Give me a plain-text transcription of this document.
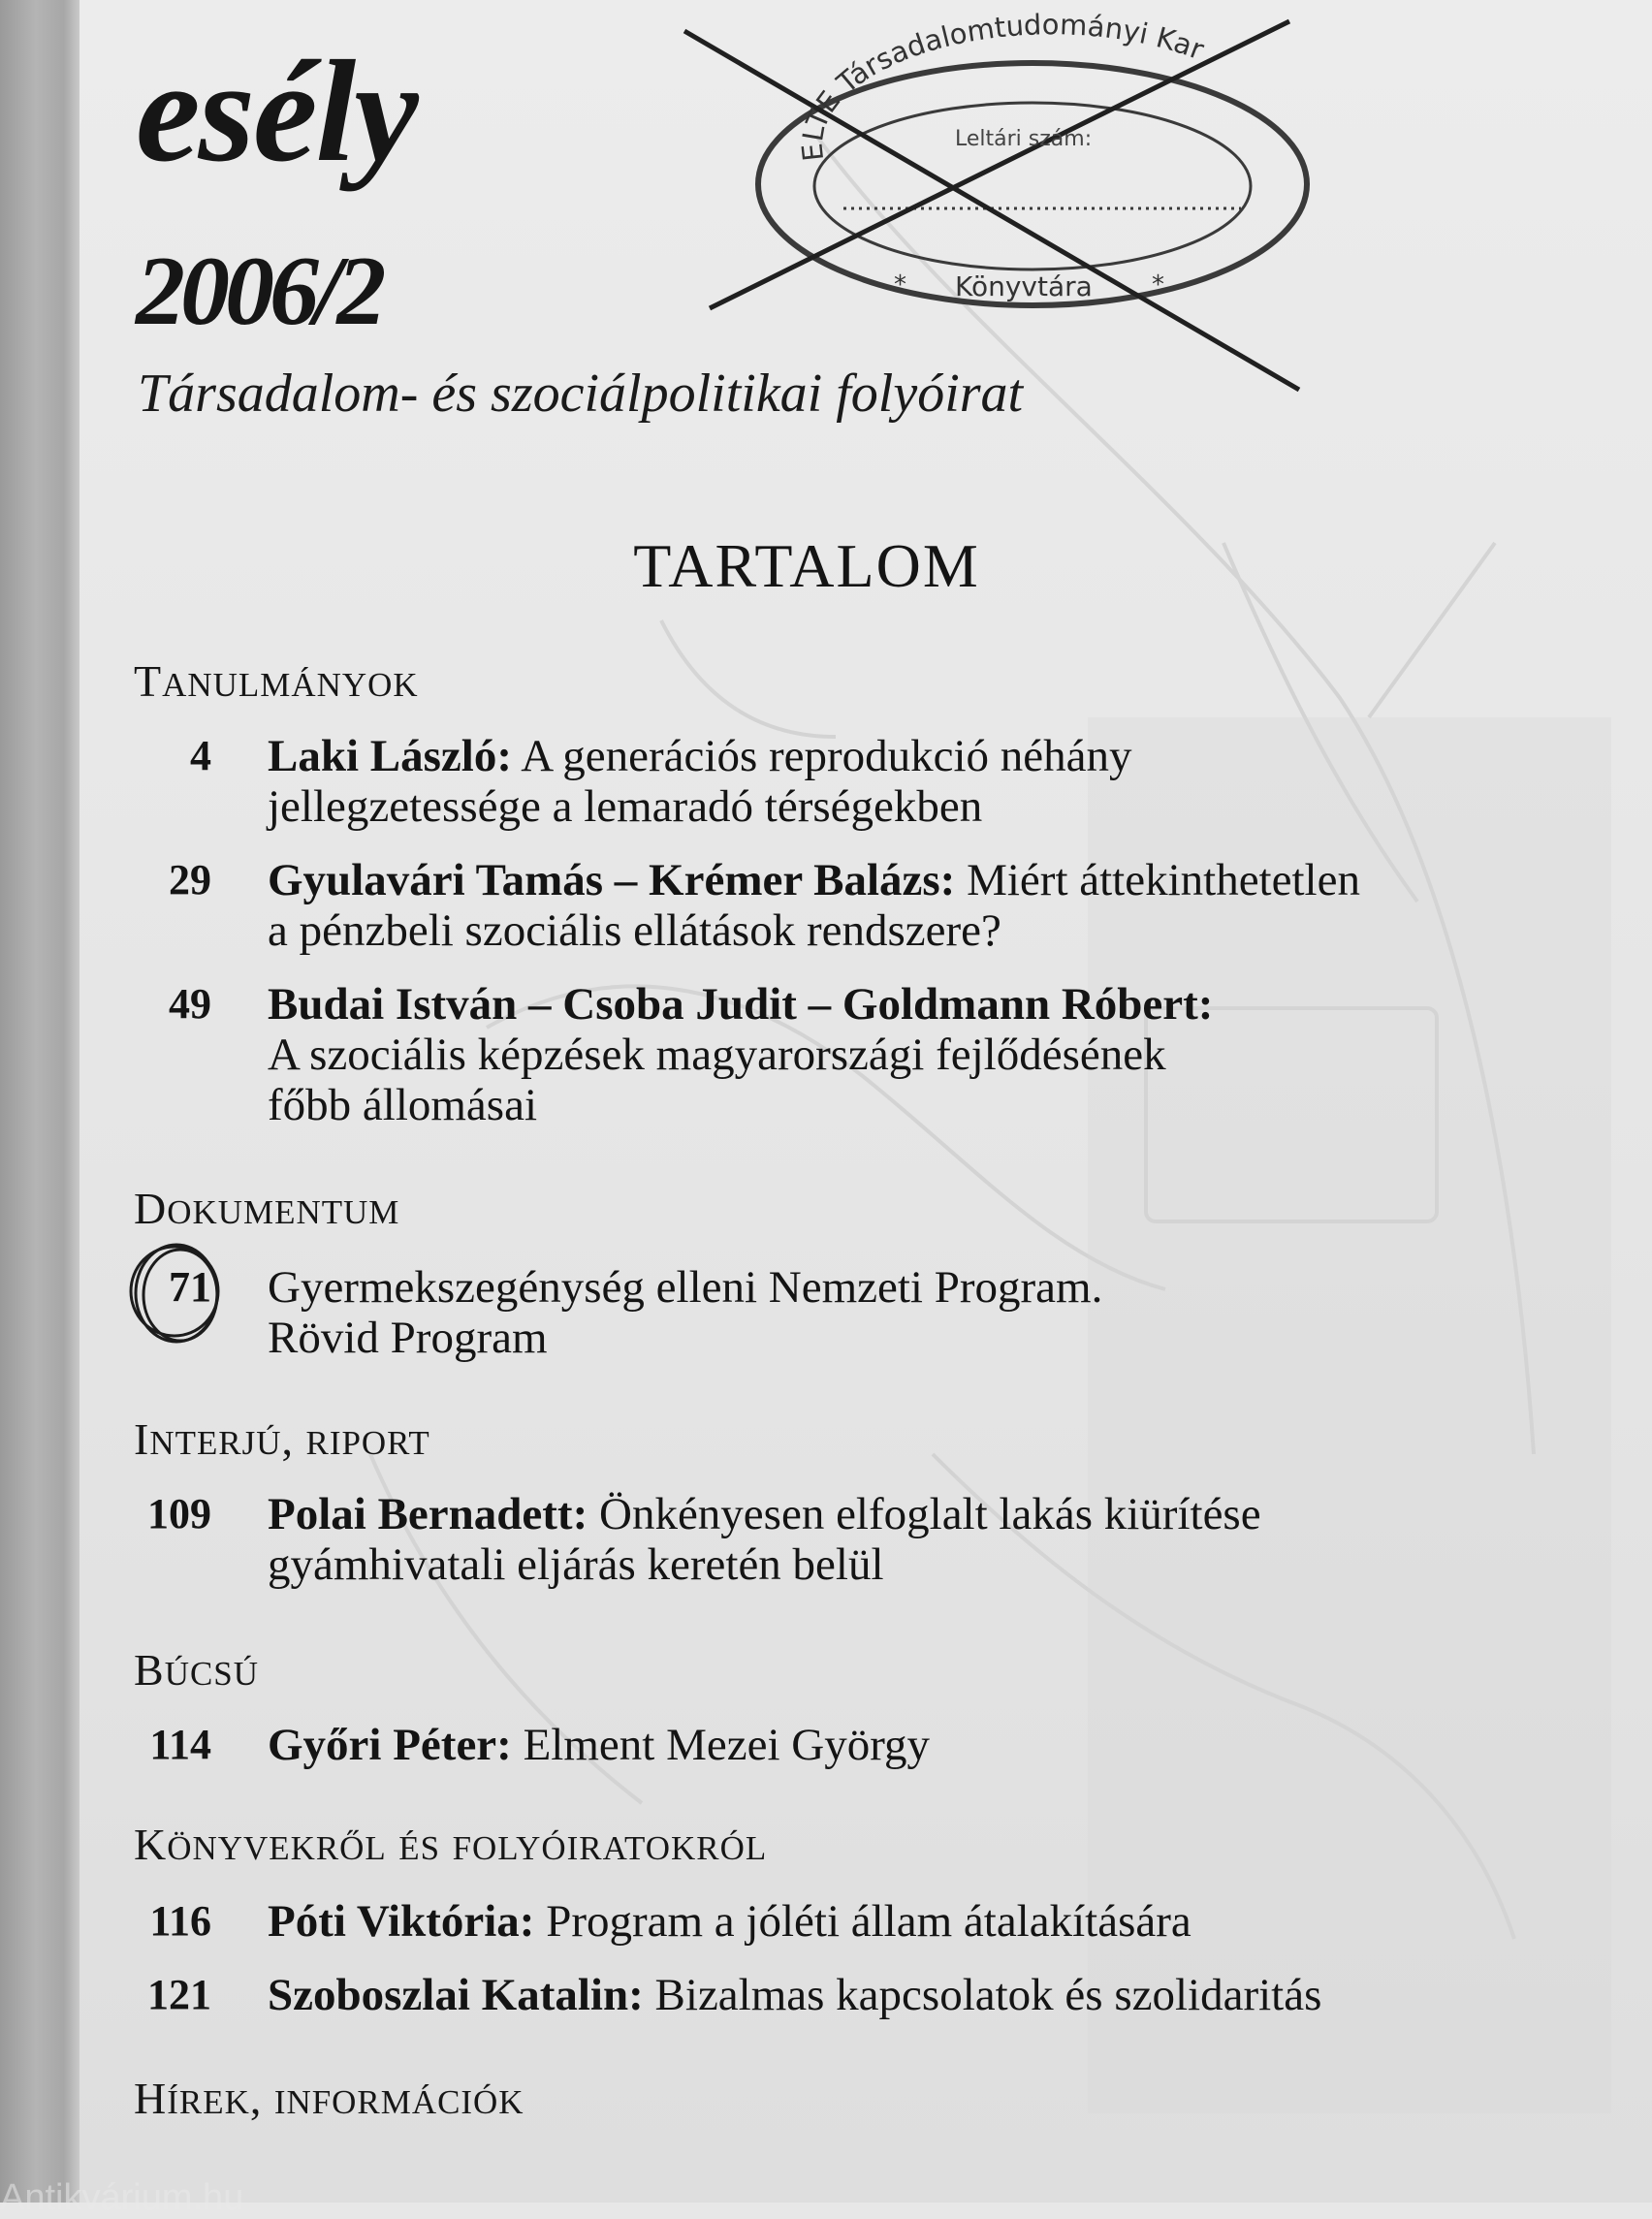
esély
2006/2
Társadalom- és szociálpolitikai folyóirat
ELTE Társadalomtudományi Kar
Leltári szám:
Könyvtára
*	*
TARTALOM
TANULMÁNYOK
4 Laki László: A generációs reprodukció néhány
jellegzetessége a lemaradó térségekben
29 Gyulavári Tamás – Krémer Balázs: Miért áttekinthetetlen
a pénzbeli szociális ellátások rendszere?
49 Budai István – Csoba Judit – Goldmann Róbert:
A szociális képzések magyarországi fejlődésének
főbb állomásai
DOKUMENTUM
71 Gyermekszegénység elleni Nemzeti Program.
Rövid Program
INTERJÚ, RIPORT
109 Polai Bernadett: Önkényesen elfoglalt lakás kiürítése
gyámhivatali eljárás keretén belül
BÚCSÚ
114 Győri Péter: Elment Mezei György
KÖNYVEKRŐL ÉS FOLYÓIRATOKRÓL
116 Póti Viktória: Program a jóléti állam átalakítására
121 Szoboszlai Katalin: Bizalmas kapcsolatok és szolidaritás
HÍREK, INFORMÁCIÓK
Antikvárium.hu
